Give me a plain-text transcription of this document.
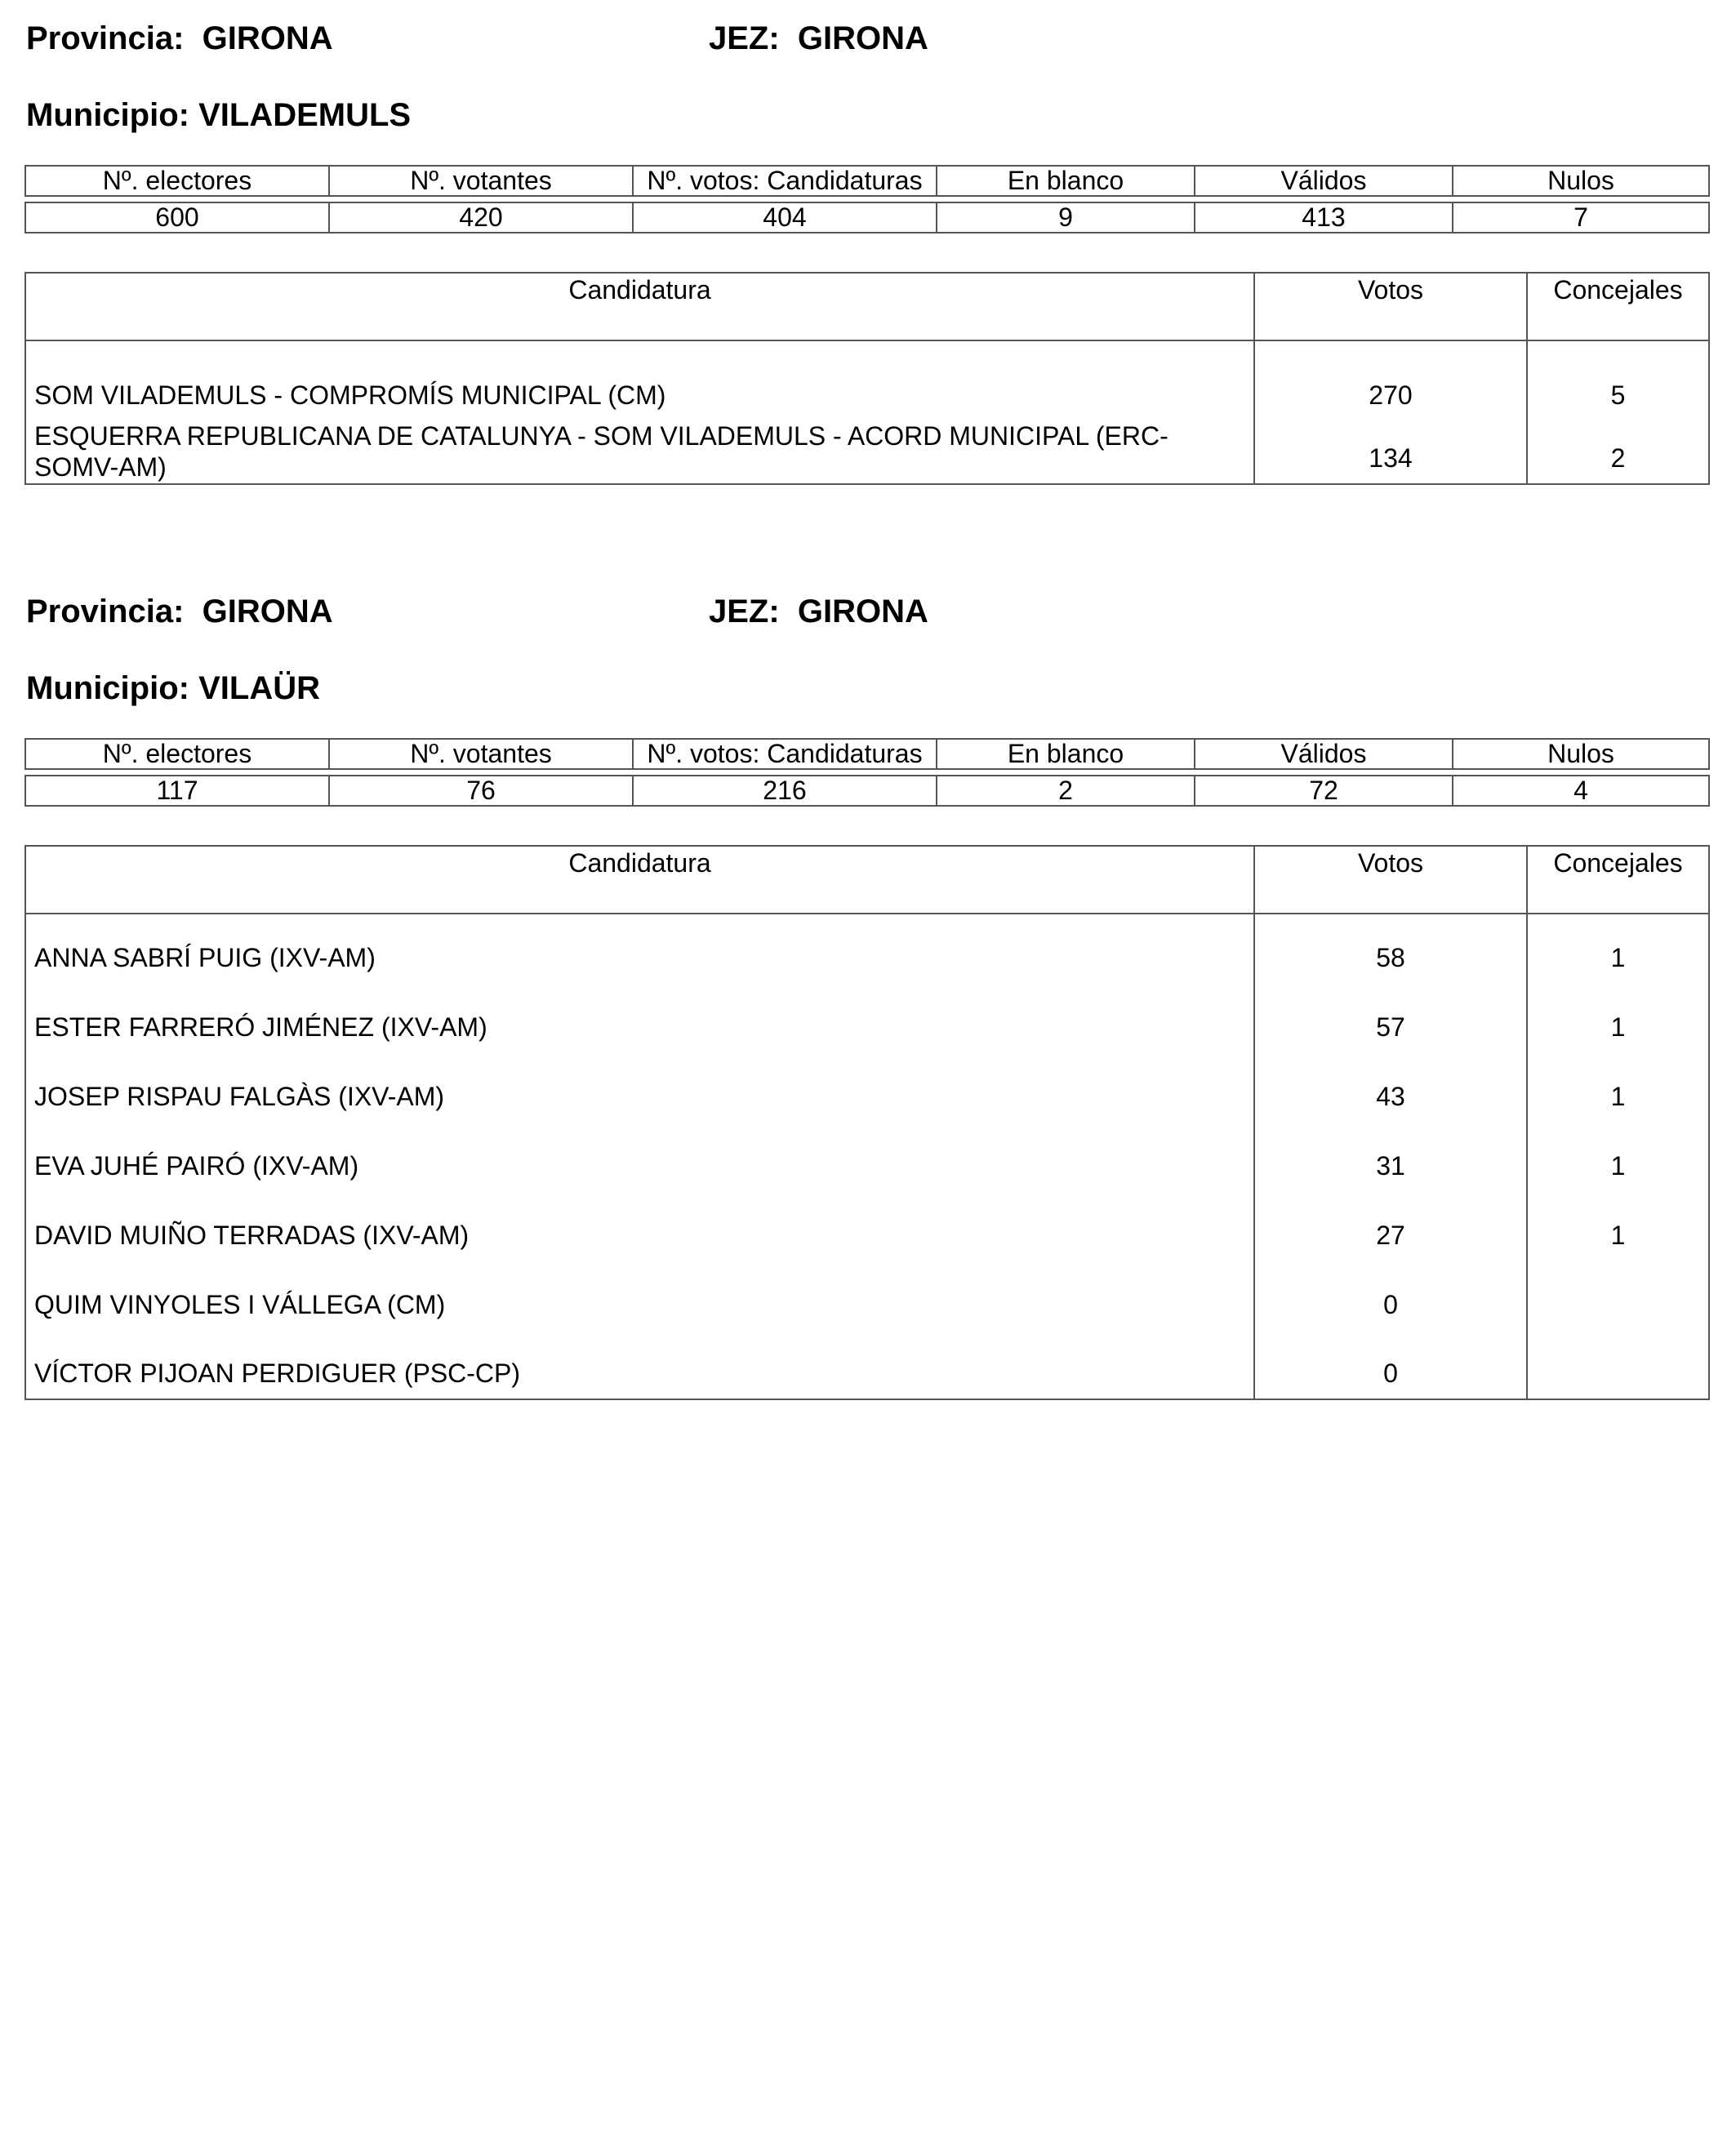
Provincia: GIRONA	JEZ: GIRONA
Municipio: VILADEMULS
Nº. electores	Nº. votantes	Nº. votos: Candidaturas	En blanco	Válidos	Nulos

600	420	404	9	413	7
Candidatura	Votos	Concejales
SOM VILADEMULS - COMPROMÍS MUNICIPAL (CM)	270	5
ESQUERRA REPUBLICANA DE CATALUNYA - SOM VILADEMULS - ACORD MUNICIPAL (ERC-SOMV-AM)	134	2
Provincia: GIRONA	JEZ: GIRONA
Municipio: VILAÜR
Nº. electores	Nº. votantes	Nº. votos: Candidaturas	En blanco	Válidos	Nulos

117	76	216	2	72	4
Candidatura	Votos	Concejales
ANNA SABRÍ PUIG (IXV-AM)	58	1
ESTER FARRERÓ JIMÉNEZ (IXV-AM)	57	1
JOSEP RISPAU FALGÀS (IXV-AM)	43	1
EVA JUHÉ PAIRÓ (IXV-AM)	31	1
DAVID MUIÑO TERRADAS (IXV-AM)	27	1
QUIM VINYOLES I VÁLLEGA (CM)	0	
VÍCTOR PIJOAN PERDIGUER (PSC-CP)	0	
